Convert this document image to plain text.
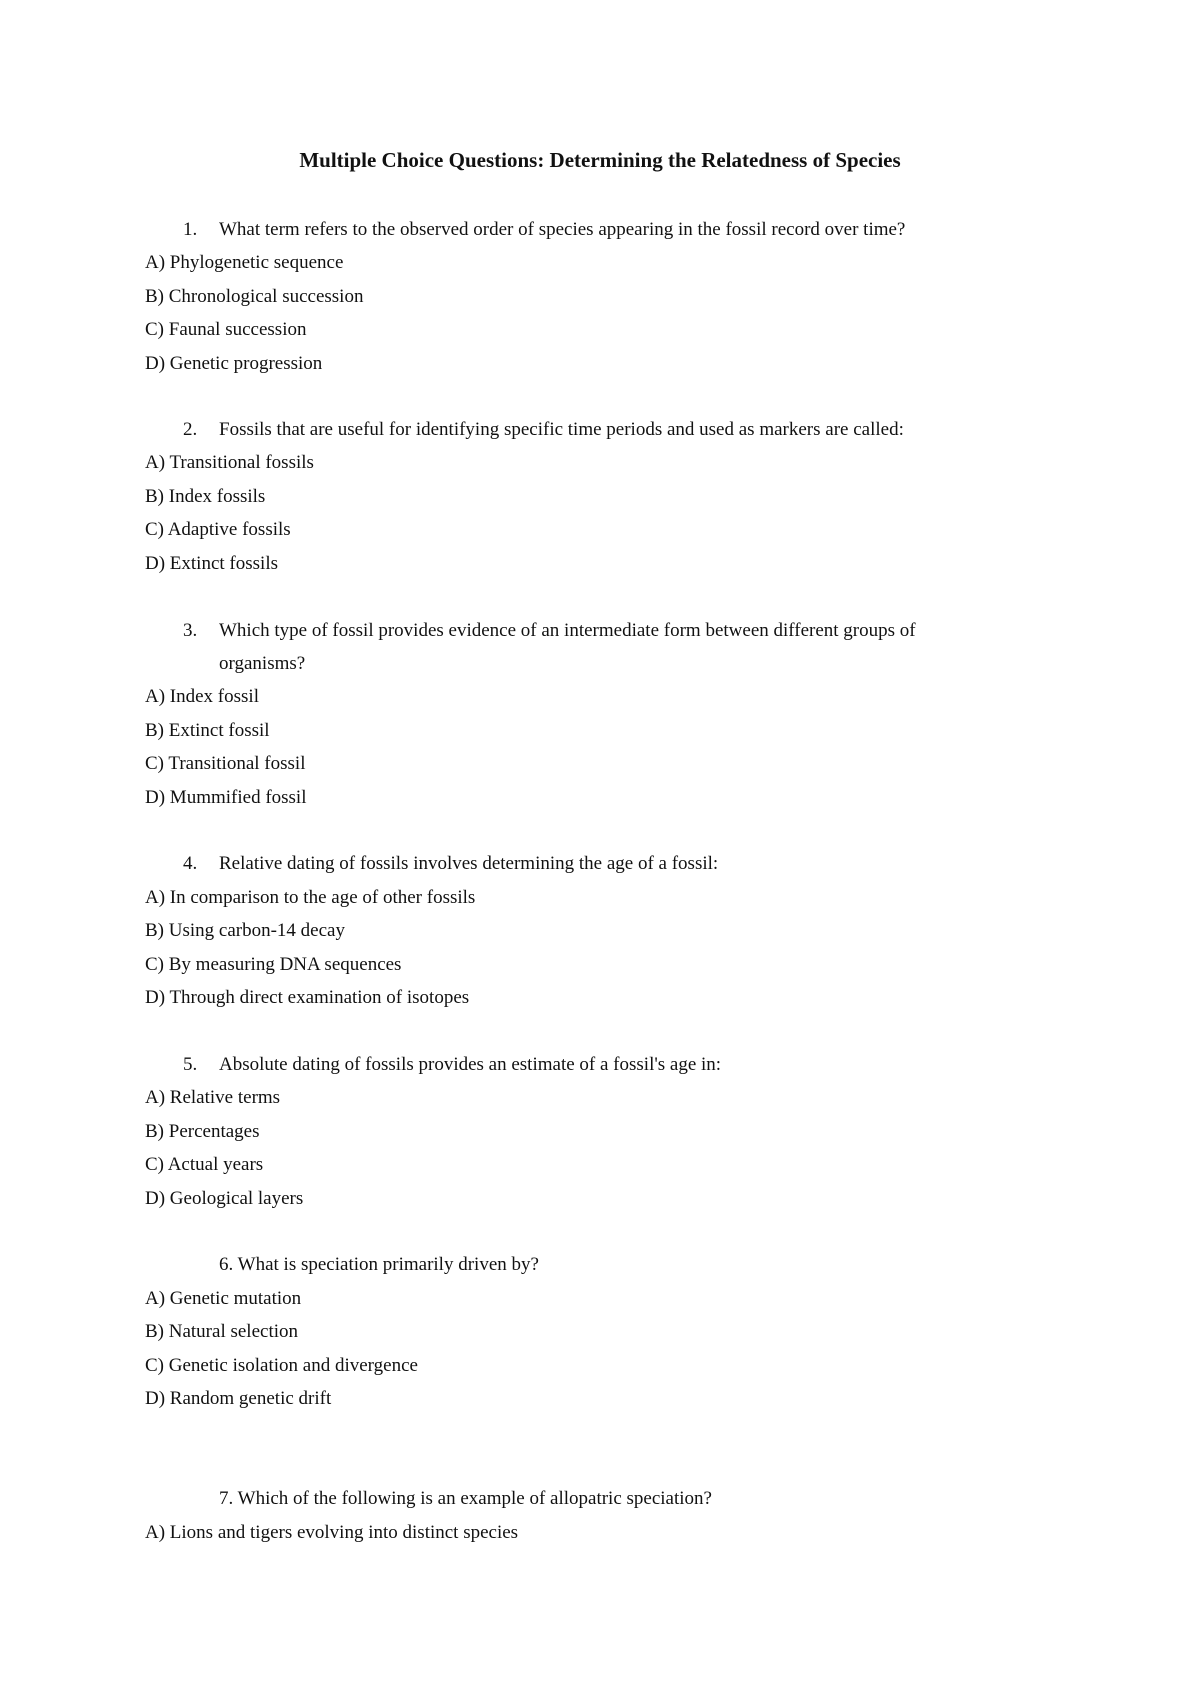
Multiple Choice Questions: Determining the Relatedness of Species
1. What term refers to the observed order of species appearing in the fossil record over time?
A) Phylogenetic sequence
B) Chronological succession
C) Faunal succession
D) Genetic progression
2. Fossils that are useful for identifying specific time periods and used as markers are called:
A) Transitional fossils
B) Index fossils
C) Adaptive fossils
D) Extinct fossils
3. Which type of fossil provides evidence of an intermediate form between different groups of
organisms?
A) Index fossil
B) Extinct fossil
C) Transitional fossil
D) Mummified fossil
4. Relative dating of fossils involves determining the age of a fossil:
A) In comparison to the age of other fossils
B) Using carbon-14 decay
C) By measuring DNA sequences
D) Through direct examination of isotopes
5. Absolute dating of fossils provides an estimate of a fossil's age in:
A) Relative terms
B) Percentages
C) Actual years
D) Geological layers
6. What is speciation primarily driven by?
A) Genetic mutation
B) Natural selection
C) Genetic isolation and divergence
D) Random genetic drift
7. Which of the following is an example of allopatric speciation?
A) Lions and tigers evolving into distinct species
